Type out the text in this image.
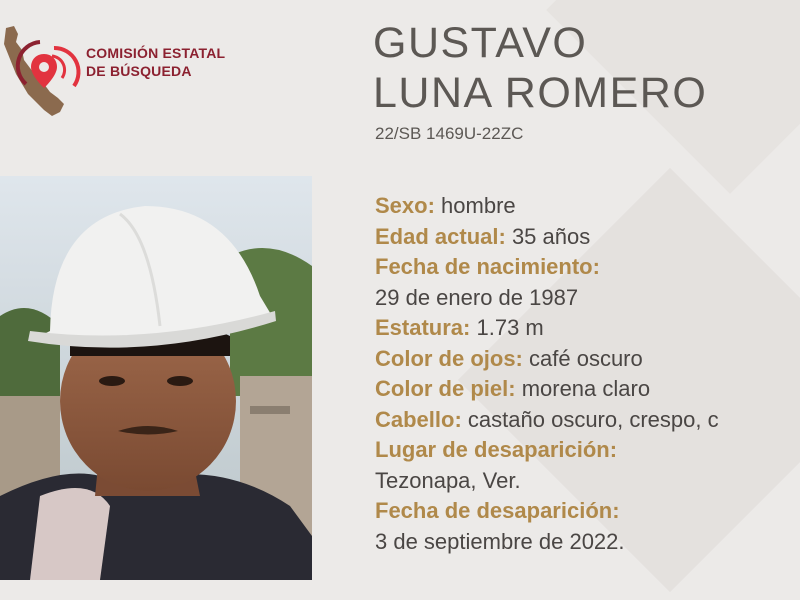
COMISIÓN ESTATAL
DE BÚSQUEDA
GUSTAVO
LUNA ROMERO
22/SB 1469U-22ZC
Sexo: hombre
Edad actual: 35 años
Fecha de nacimiento:
29 de enero de 1987
Estatura: 1.73 m
Color de ojos: café oscuro
Color de piel: morena claro
Cabello: castaño oscuro, crespo, c
Lugar de desaparición:
Tezonapa, Ver.
Fecha de desaparición:
3 de septiembre de 2022.
